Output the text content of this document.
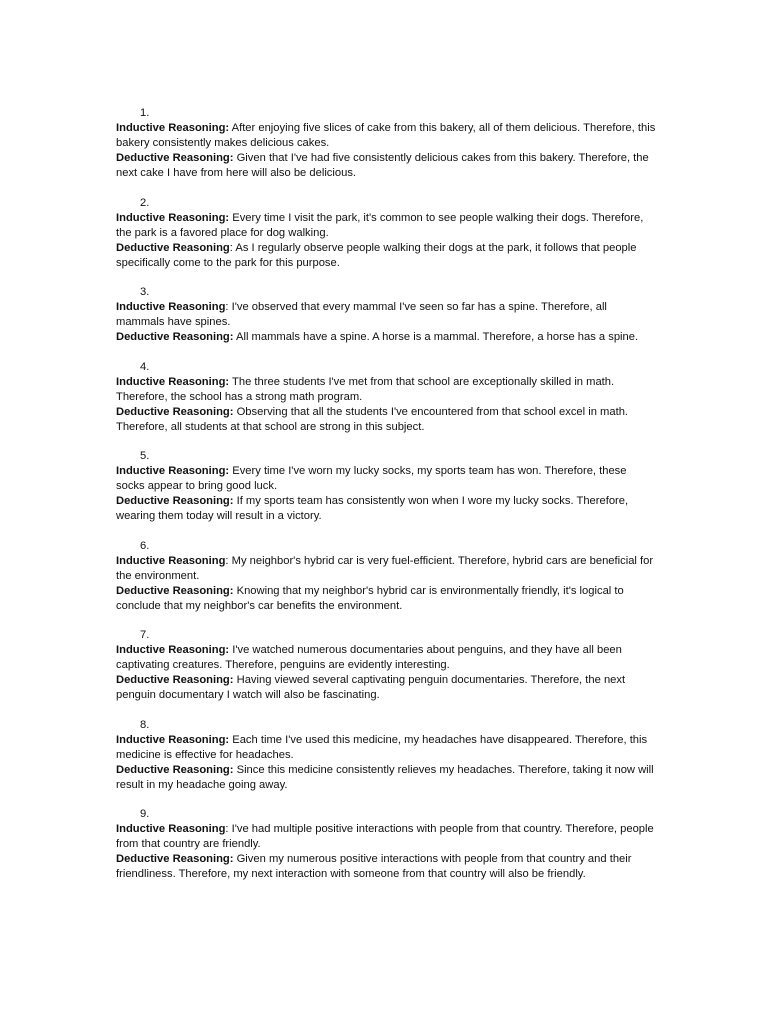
1.

Inductive Reasoning: After enjoying five slices of cake from this bakery, all of them delicious. Therefore, this bakery consistently makes delicious cakes.

Deductive Reasoning: Given that I've had five consistently delicious cakes from this bakery. Therefore, the next cake I have from here will also be delicious.

2.

Inductive Reasoning: Every time I visit the park, it's common to see people walking their dogs. Therefore, the park is a favored place for dog walking.

Deductive Reasoning: As I regularly observe people walking their dogs at the park, it follows that people specifically come to the park for this purpose.

3.

Inductive Reasoning: I've observed that every mammal I've seen so far has a spine. Therefore, all mammals have spines.

Deductive Reasoning: All mammals have a spine. A horse is a mammal. Therefore, a horse has a spine.

4.

Inductive Reasoning: The three students I've met from that school are exceptionally skilled in math. Therefore, the school has a strong math program.

Deductive Reasoning: Observing that all the students I've encountered from that school excel in math. Therefore, all students at that school are strong in this subject.

5.

Inductive Reasoning: Every time I've worn my lucky socks, my sports team has won. Therefore, these socks appear to bring good luck.

Deductive Reasoning: If my sports team has consistently won when I wore my lucky socks. Therefore, wearing them today will result in a victory.

6.

Inductive Reasoning: My neighbor's hybrid car is very fuel-efficient. Therefore, hybrid cars are beneficial for the environment.

Deductive Reasoning: Knowing that my neighbor's hybrid car is environmentally friendly, it's logical to conclude that my neighbor's car benefits the environment.

7.

Inductive Reasoning: I've watched numerous documentaries about penguins, and they have all been captivating creatures. Therefore, penguins are evidently interesting.

Deductive Reasoning: Having viewed several captivating penguin documentaries. Therefore, the next penguin documentary I watch will also be fascinating.

8.

Inductive Reasoning: Each time I've used this medicine, my headaches have disappeared. Therefore, this medicine is effective for headaches.

Deductive Reasoning: Since this medicine consistently relieves my headaches. Therefore, taking it now will result in my headache going away.

9.

Inductive Reasoning: I've had multiple positive interactions with people from that country. Therefore, people from that country are friendly.

Deductive Reasoning: Given my numerous positive interactions with people from that country and their friendliness. Therefore, my next interaction with someone from that country will also be friendly.
